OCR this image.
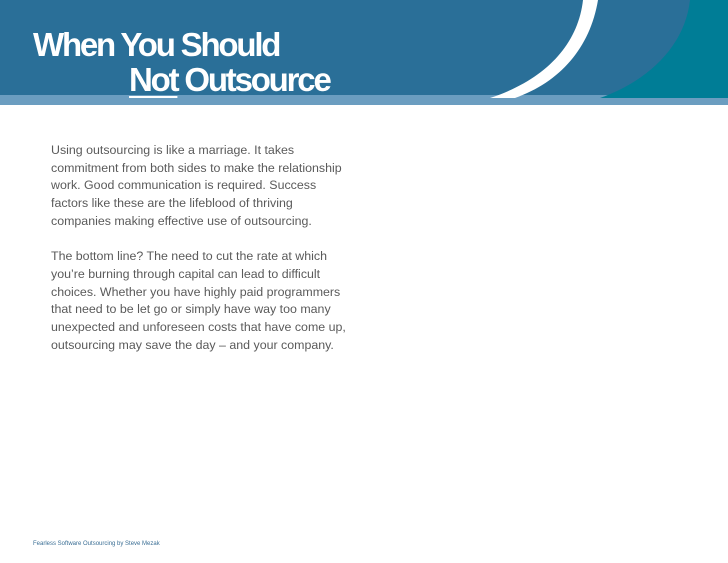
When You Should
Not Outsource

Using outsourcing is like a marriage. It takes commitment from both sides to make the relationship work. Good communication is required. Success factors like these are the lifeblood of thriving companies making effective use of outsourcing.

The bottom line? The need to cut the rate at which you’re burning through capital can lead to difficult choices. Whether you have highly paid programmers that need to be let go or simply have way too many unexpected and unforeseen costs that have come up, outsourcing may save the day – and your company.

Fearless Software Outsourcing by Steve Mezak
